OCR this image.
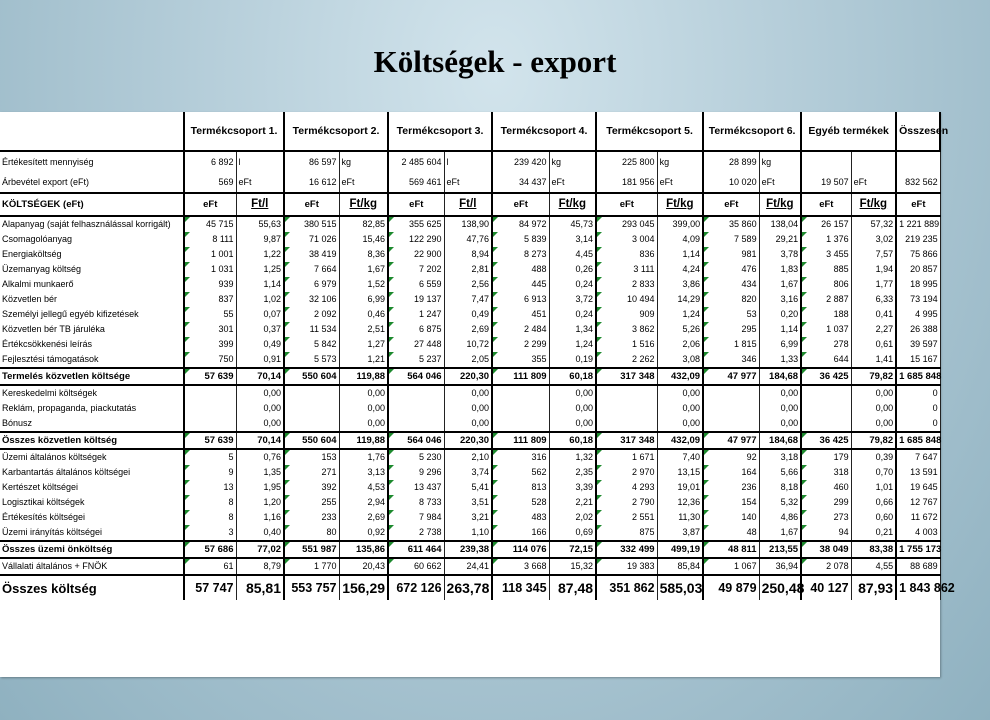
Költségek - export
	Termékcsoport 1.		Termékcsoport 2.		Termékcsoport 3.		Termékcsoport 4.		Termékcsoport 5.		Termékcsoport 6.		Egyéb termékek		Összesen
Értékesített mennyiség	6 892	l	86 597	kg	2 485 604	l	239 420	kg	225 800	kg	28 899	kg			
Árbevétel export (eFt)	569	eFt	16 612	eFt	569 461	eFt	34 437	eFt	181 956	eFt	10 020	eFt	19 507	eFt	832 562
KÖLTSÉGEK (eFt)	eFt	Ft/l	eFt	Ft/kg	eFt	Ft/l	eFt	Ft/kg	eFt	Ft/kg	eFt	Ft/kg	eFt	Ft/kg	eFt
Alapanyag (saját felhasználással korrigált)	45 715	55,63	380 515	82,85	355 625	138,90	84 972	45,73	293 045	399,00	35 860	138,04	26 157	57,32	1 221 889
Csomagolóanyag	8 111	9,87	71 026	15,46	122 290	47,76	5 839	3,14	3 004	4,09	7 589	29,21	1 376	3,02	219 235
Energiaköltség	1 001	1,22	38 419	8,36	22 900	8,94	8 273	4,45	836	1,14	981	3,78	3 455	7,57	75 866
Üzemanyag költség	1 031	1,25	7 664	1,67	7 202	2,81	488	0,26	3 111	4,24	476	1,83	885	1,94	20 857
Alkalmi munkaerő	939	1,14	6 979	1,52	6 559	2,56	445	0,24	2 833	3,86	434	1,67	806	1,77	18 995
Közvetlen bér	837	1,02	32 106	6,99	19 137	7,47	6 913	3,72	10 494	14,29	820	3,16	2 887	6,33	73 194
Személyi jellegű egyéb kifizetések	55	0,07	2 092	0,46	1 247	0,49	451	0,24	909	1,24	53	0,20	188	0,41	4 995
Közvetlen bér TB járuléka	301	0,37	11 534	2,51	6 875	2,69	2 484	1,34	3 862	5,26	295	1,14	1 037	2,27	26 388
Értékcsökkenési leírás	399	0,49	5 842	1,27	27 448	10,72	2 299	1,24	1 516	2,06	1 815	6,99	278	0,61	39 597
Fejlesztési támogatások	750	0,91	5 573	1,21	5 237	2,05	355	0,19	2 262	3,08	346	1,33	644	1,41	15 167
Termelés közvetlen költsége	57 639	70,14	550 604	119,88	564 046	220,30	111 809	60,18	317 348	432,09	47 977	184,68	36 425	79,82	1 685 848
Kereskedelmi költségek		0,00		0,00		0,00		0,00		0,00		0,00		0,00	0
Reklám, propaganda, piackutatás		0,00		0,00		0,00		0,00		0,00		0,00		0,00	0
Bónusz		0,00		0,00		0,00		0,00		0,00		0,00		0,00	0
Összes közvetlen költség	57 639	70,14	550 604	119,88	564 046	220,30	111 809	60,18	317 348	432,09	47 977	184,68	36 425	79,82	1 685 848
Üzemi általános költségek	5	0,76	153	1,76	5 230	2,10	316	1,32	1 671	7,40	92	3,18	179	0,39	7 647
Karbantartás általános költségei	9	1,35	271	3,13	9 296	3,74	562	2,35	2 970	13,15	164	5,66	318	0,70	13 591
Kertészet költségei	13	1,95	392	4,53	13 437	5,41	813	3,39	4 293	19,01	236	8,18	460	1,01	19 645
Logisztikai költségek	8	1,20	255	2,94	8 733	3,51	528	2,21	2 790	12,36	154	5,32	299	0,66	12 767
Értékesítés költségei	8	1,16	233	2,69	7 984	3,21	483	2,02	2 551	11,30	140	4,86	273	0,60	11 672
Üzemi irányítás költségei	3	0,40	80	0,92	2 738	1,10	166	0,69	875	3,87	48	1,67	94	0,21	4 003
Összes üzemi önköltség	57 686	77,02	551 987	135,86	611 464	239,38	114 076	72,15	332 499	499,19	48 811	213,55	38 049	83,38	1 755 173
Vállalati általános + FNÖK	61	8,79	1 770	20,43	60 662	24,41	3 668	15,32	19 383	85,84	1 067	36,94	2 078	4,55	88 689
Összes költség	57 747	85,81	553 757	156,29	672 126	263,78	118 345	87,48	351 862	585,03	49 879	250,48	40 127	87,93	1 843 862
